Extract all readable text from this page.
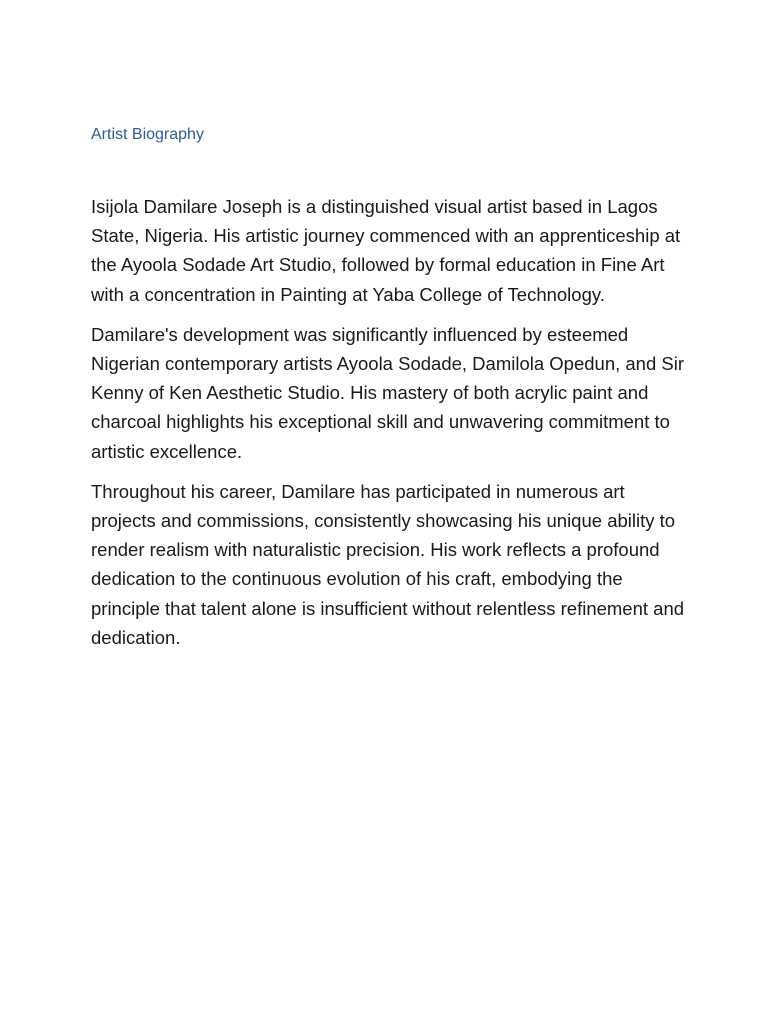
Artist Biography

Isijola Damilare Joseph is a distinguished visual artist based in Lagos State, Nigeria. His artistic journey commenced with an apprenticeship at the Ayoola Sodade Art Studio, followed by formal education in Fine Art with a concentration in Painting at Yaba College of Technology.

Damilare's development was significantly influenced by esteemed Nigerian contemporary artists Ayoola Sodade, Damilola Opedun, and Sir Kenny of Ken Aesthetic Studio. His mastery of both acrylic paint and charcoal highlights his exceptional skill and unwavering commitment to artistic excellence.

Throughout his career, Damilare has participated in numerous art projects and commissions, consistently showcasing his unique ability to render realism with naturalistic precision. His work reflects a profound dedication to the continuous evolution of his craft, embodying the principle that talent alone is insufficient without relentless refinement and dedication.
